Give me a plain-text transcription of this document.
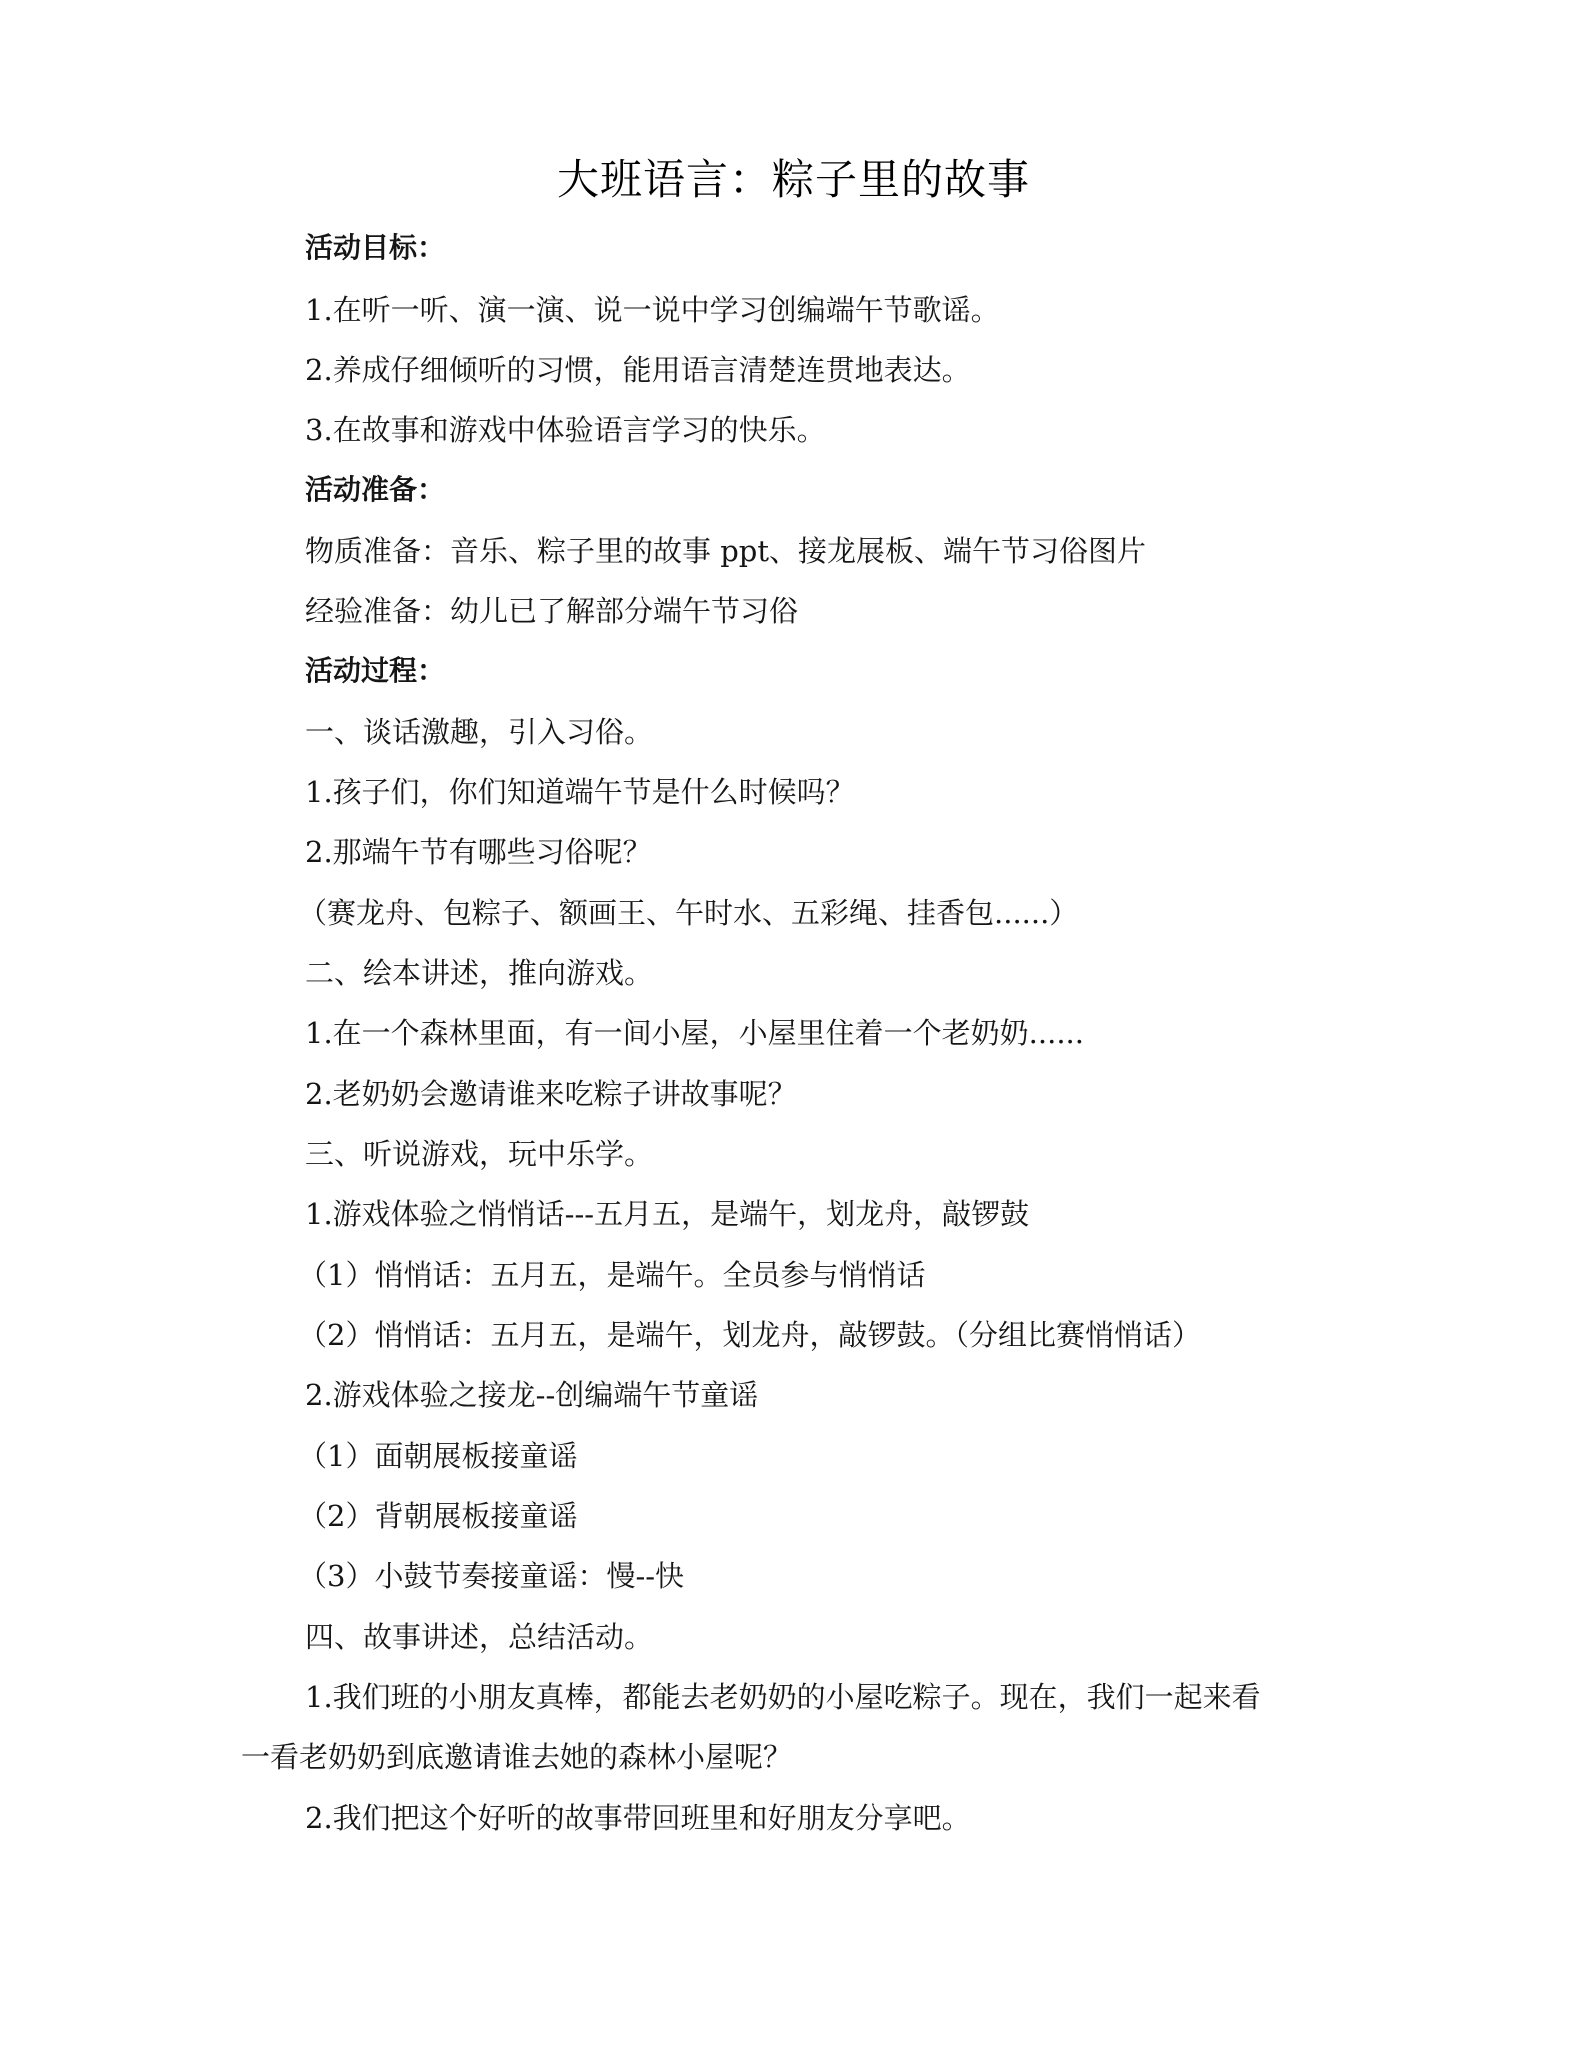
大班语言：粽子里的故事
活动目标：
1.在听一听、演一演、说一说中学习创编端午节歌谣。
2.养成仔细倾听的习惯，能用语言清楚连贯地表达。
3.在故事和游戏中体验语言学习的快乐。
活动准备：
物质准备：音乐、粽子里的故事 ppt、接龙展板、端午节习俗图片
经验准备：幼儿已了解部分端午节习俗
活动过程：
一、谈话激趣，引入习俗。
1.孩子们，你们知道端午节是什么时候吗？
2.那端午节有哪些习俗呢？
（赛龙舟、包粽子、额画王、午时水、五彩绳、挂香包......）
二、绘本讲述，推向游戏。
1.在一个森林里面，有一间小屋，小屋里住着一个老奶奶......
2.老奶奶会邀请谁来吃粽子讲故事呢？
三、听说游戏，玩中乐学。
1.游戏体验之悄悄话---五月五，是端午，划龙舟，敲锣鼓
（1）悄悄话：五月五，是端午。全员参与悄悄话
（2）悄悄话：五月五，是端午，划龙舟，敲锣鼓。（分组比赛悄悄话）
2.游戏体验之接龙--创编端午节童谣
（1）面朝展板接童谣
（2）背朝展板接童谣
（3）小鼓节奏接童谣：慢--快
四、故事讲述，总结活动。
1.我们班的小朋友真棒，都能去老奶奶的小屋吃粽子。现在，我们一起来看
一看老奶奶到底邀请谁去她的森林小屋呢？
2.我们把这个好听的故事带回班里和好朋友分享吧。
